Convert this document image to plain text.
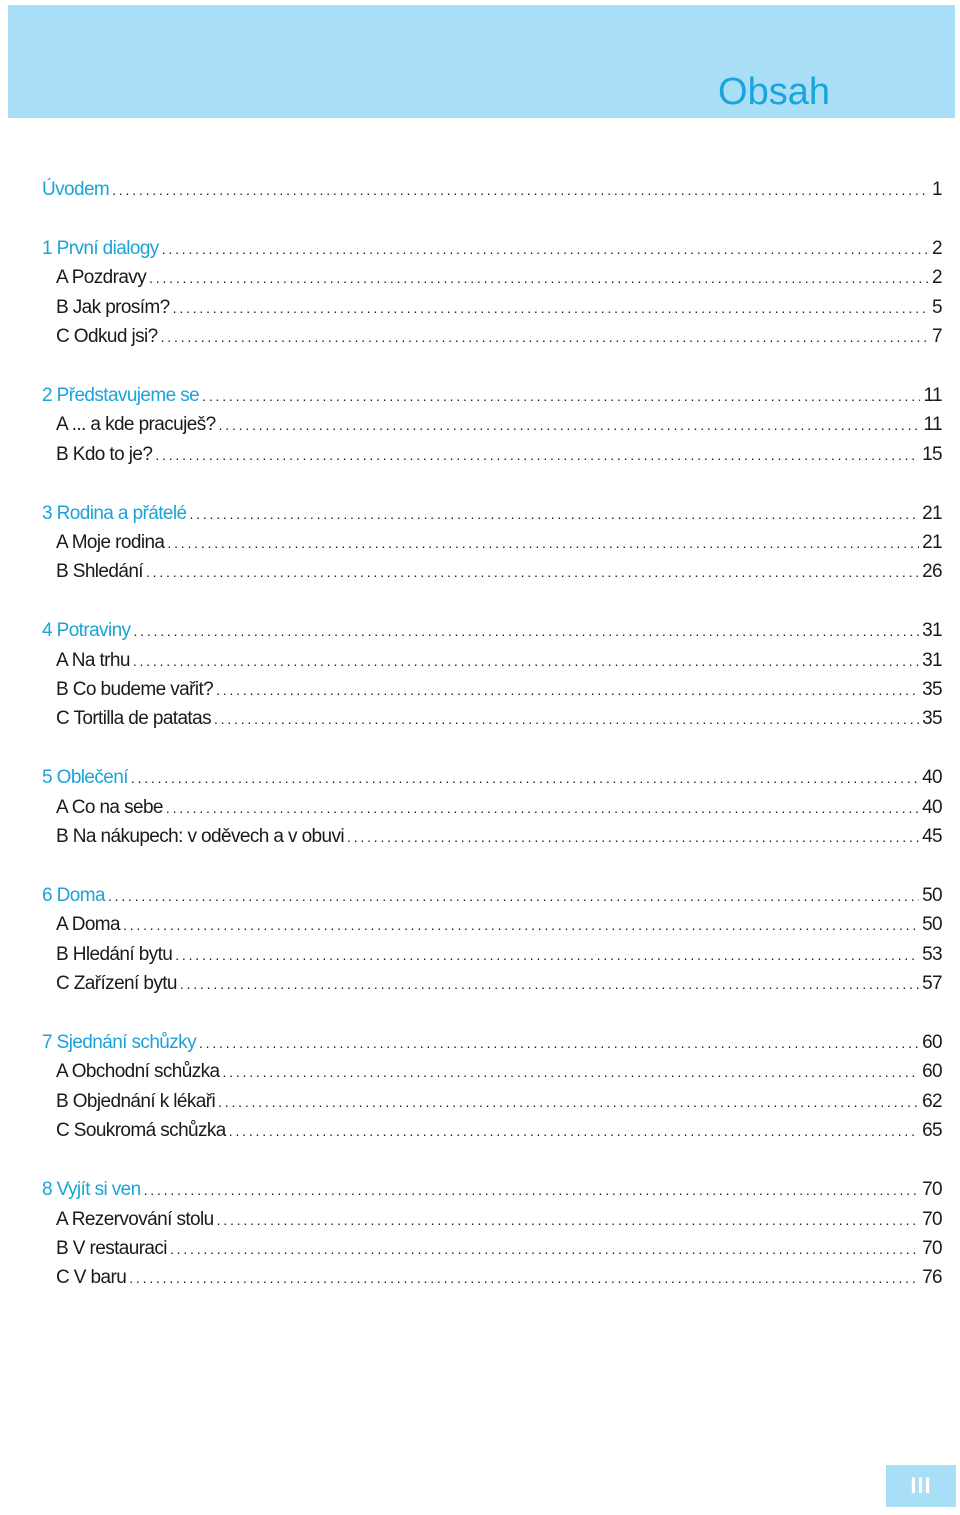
Obsah
Úvodem .....	1
1 První dialogy .....	2
A Pozdravy .....	2
B Jak prosím? .....	5
C Odkud jsi? .....	7
2 Představujeme se .....	11
A ... a kde pracuješ? .....	11
B Kdo to je? .....	15
3 Rodina a přátelé .....	21
A Moje rodina .....	21
B Shledání .....	26
4 Potraviny .....	31
A Na trhu .....	31
B Co budeme vařit? .....	35
C Tortilla de patatas .....	35
5 Oblečení .....	40
A Co na sebe .....	40
B Na nákupech: v oděvech a v obuvi .....	45
6 Doma .....	50
A Doma .....	50
B Hledání bytu .....	53
C Zařízení bytu .....	57
7 Sjednání schůzky .....	60
A Obchodní schůzka .....	60
B Objednání k lékaři .....	62
C Soukromá schůzka .....	65
8 Vyjít si ven .....	70
A Rezervování stolu .....	70
B V restauraci .....	70
C V baru .....	76
III
